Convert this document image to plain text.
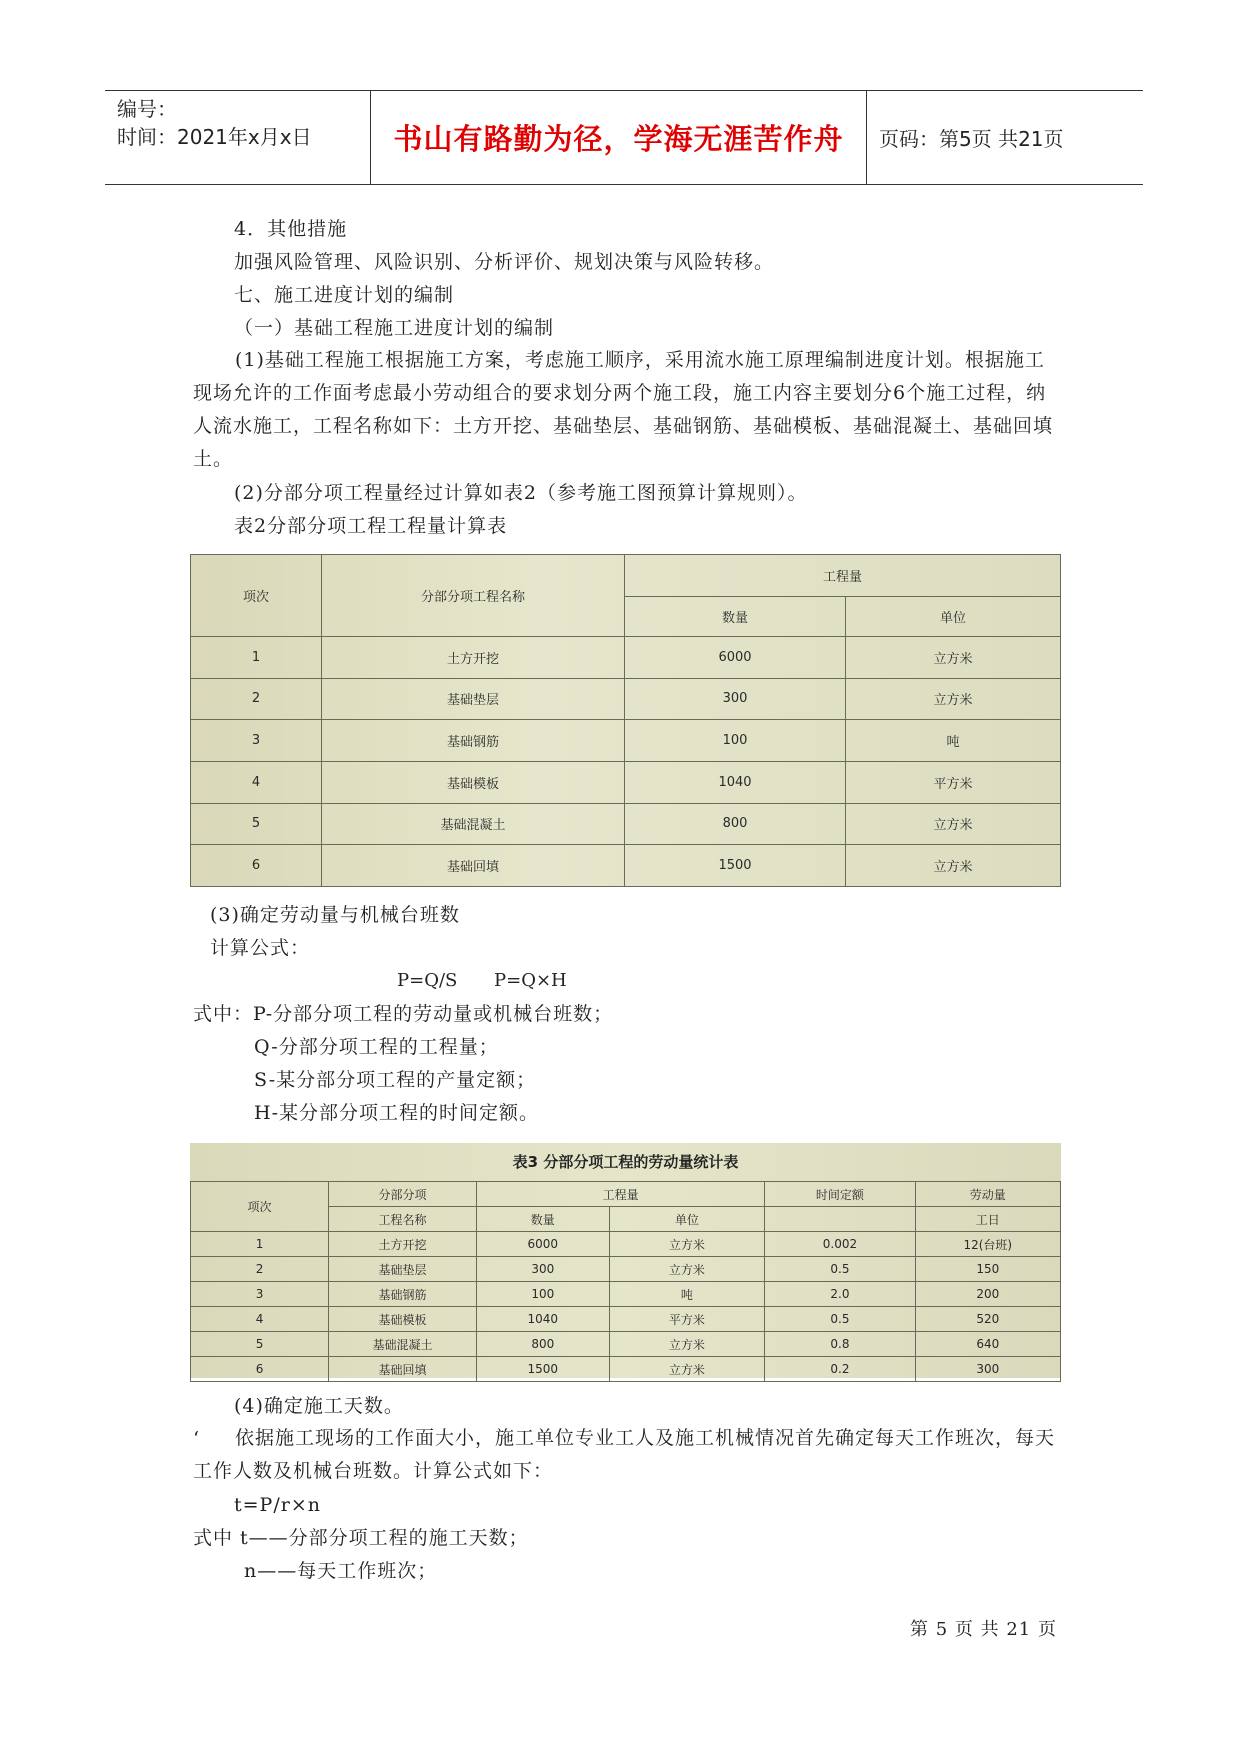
编号：
时间：2021年x月x日	书山有路勤为径，学海无涯苦作舟 页码：第5页 共21页
4．其他措施
加强风险管理、风险识别、分析评价、规划决策与风险转移。
七、施工进度计划的编制
（一）基础工程施工进度计划的编制
(1)基础工程施工根据施工方案，考虑施工顺序，采用流水施工原理编制进度计划。根据施工现场允许的工作面考虑最小劳动组合的要求划分两个施工段，施工内容主要划分6个施工过程，纳人流水施工，工程名称如下：土方开挖、基础垫层、基础钢筋、基础模板、基础混凝土、基础回填土。
(2)分部分项工程量经过计算如表2（参考施工图预算计算规则）。
表2分部分项工程工程量计算表
项次	分部分项工程名称	工程量	
		数量	单位
1	土方开挖	6000	立方米
2	基础垫层	300	立方米
3	基础钢筋	100	吨
4	基础模板	1040	平方米
5	基础混凝土	800	立方米
6	基础回填	1500	立方米
(3)确定劳动量与机械台班数
计算公式：
P=Q/S P=Q×H
式中：P-分部分项工程的劳动量或机械台班数；
Q-分部分项工程的工程量；
S-某分部分项工程的产量定额；
H-某分部分项工程的时间定额。
表3 分部分项工程的劳动量统计表
项次	分部分项	工程量		时间定额	劳动量
	工程名称	数量	单位		工日
1	土方开挖	6000	立方米	0.002	12(台班)
2	基础垫层	300	立方米	0.5	150
3	基础钢筋	100	吨	2.0	200
4	基础模板	1040	平方米	0.5	520
5	基础混凝土	800	立方米	0.8	640
6	基础回填	1500	立方米	0.2	300
(4)确定施工天数。
‘	依据施工现场的工作面大小，施工单位专业工人及施工机械情况首先确定每天工作班次，每天工作人数及机械台班数。计算公式如下：
t=P/r×n
式中 t——分部分项工程的施工天数；
n——每天工作班次；
第 5 页 共 21 页
